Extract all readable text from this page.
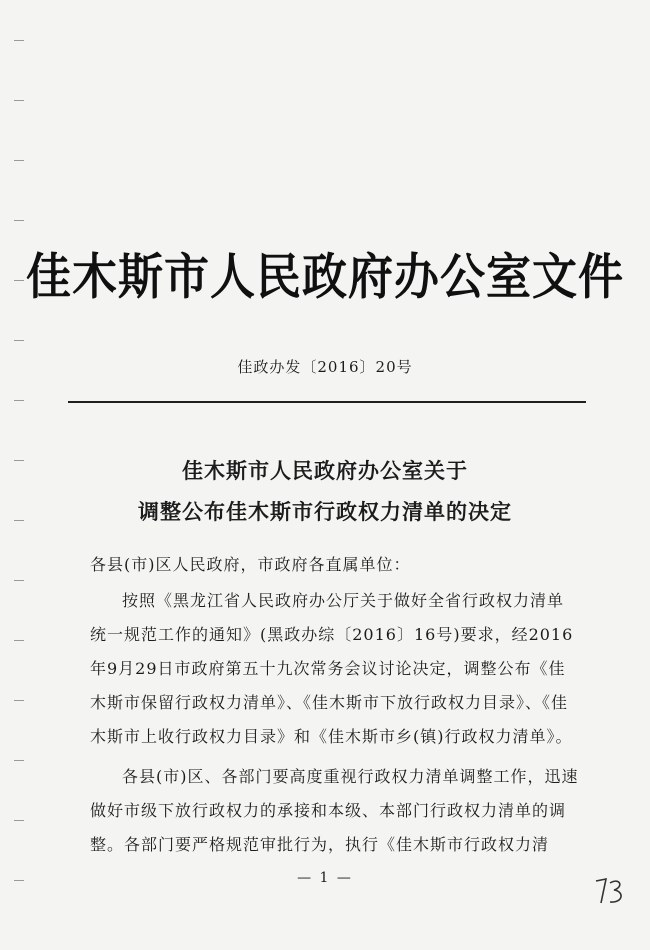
佳木斯市人民政府办公室文件
佳政办发〔2016〕20号
佳木斯市人民政府办公室关于
调整公布佳木斯市行政权力清单的决定
各县(市)区人民政府，市政府各直属单位：
按照《黑龙江省人民政府办公厅关于做好全省行政权力清单统一规范工作的通知》(黑政办综〔2016〕16号)要求，经2016年9月29日市政府第五十九次常务会议讨论决定，调整公布《佳木斯市保留行政权力清单》、《佳木斯市下放行政权力目录》、《佳木斯市上收行政权力目录》和《佳木斯市乡(镇)行政权力清单》。
各县(市)区、各部门要高度重视行政权力清单调整工作，迅速做好市级下放行政权力的承接和本级、本部门行政权力清单的调整。各部门要严格规范审批行为，执行《佳木斯市行政权力清
— 1 —
